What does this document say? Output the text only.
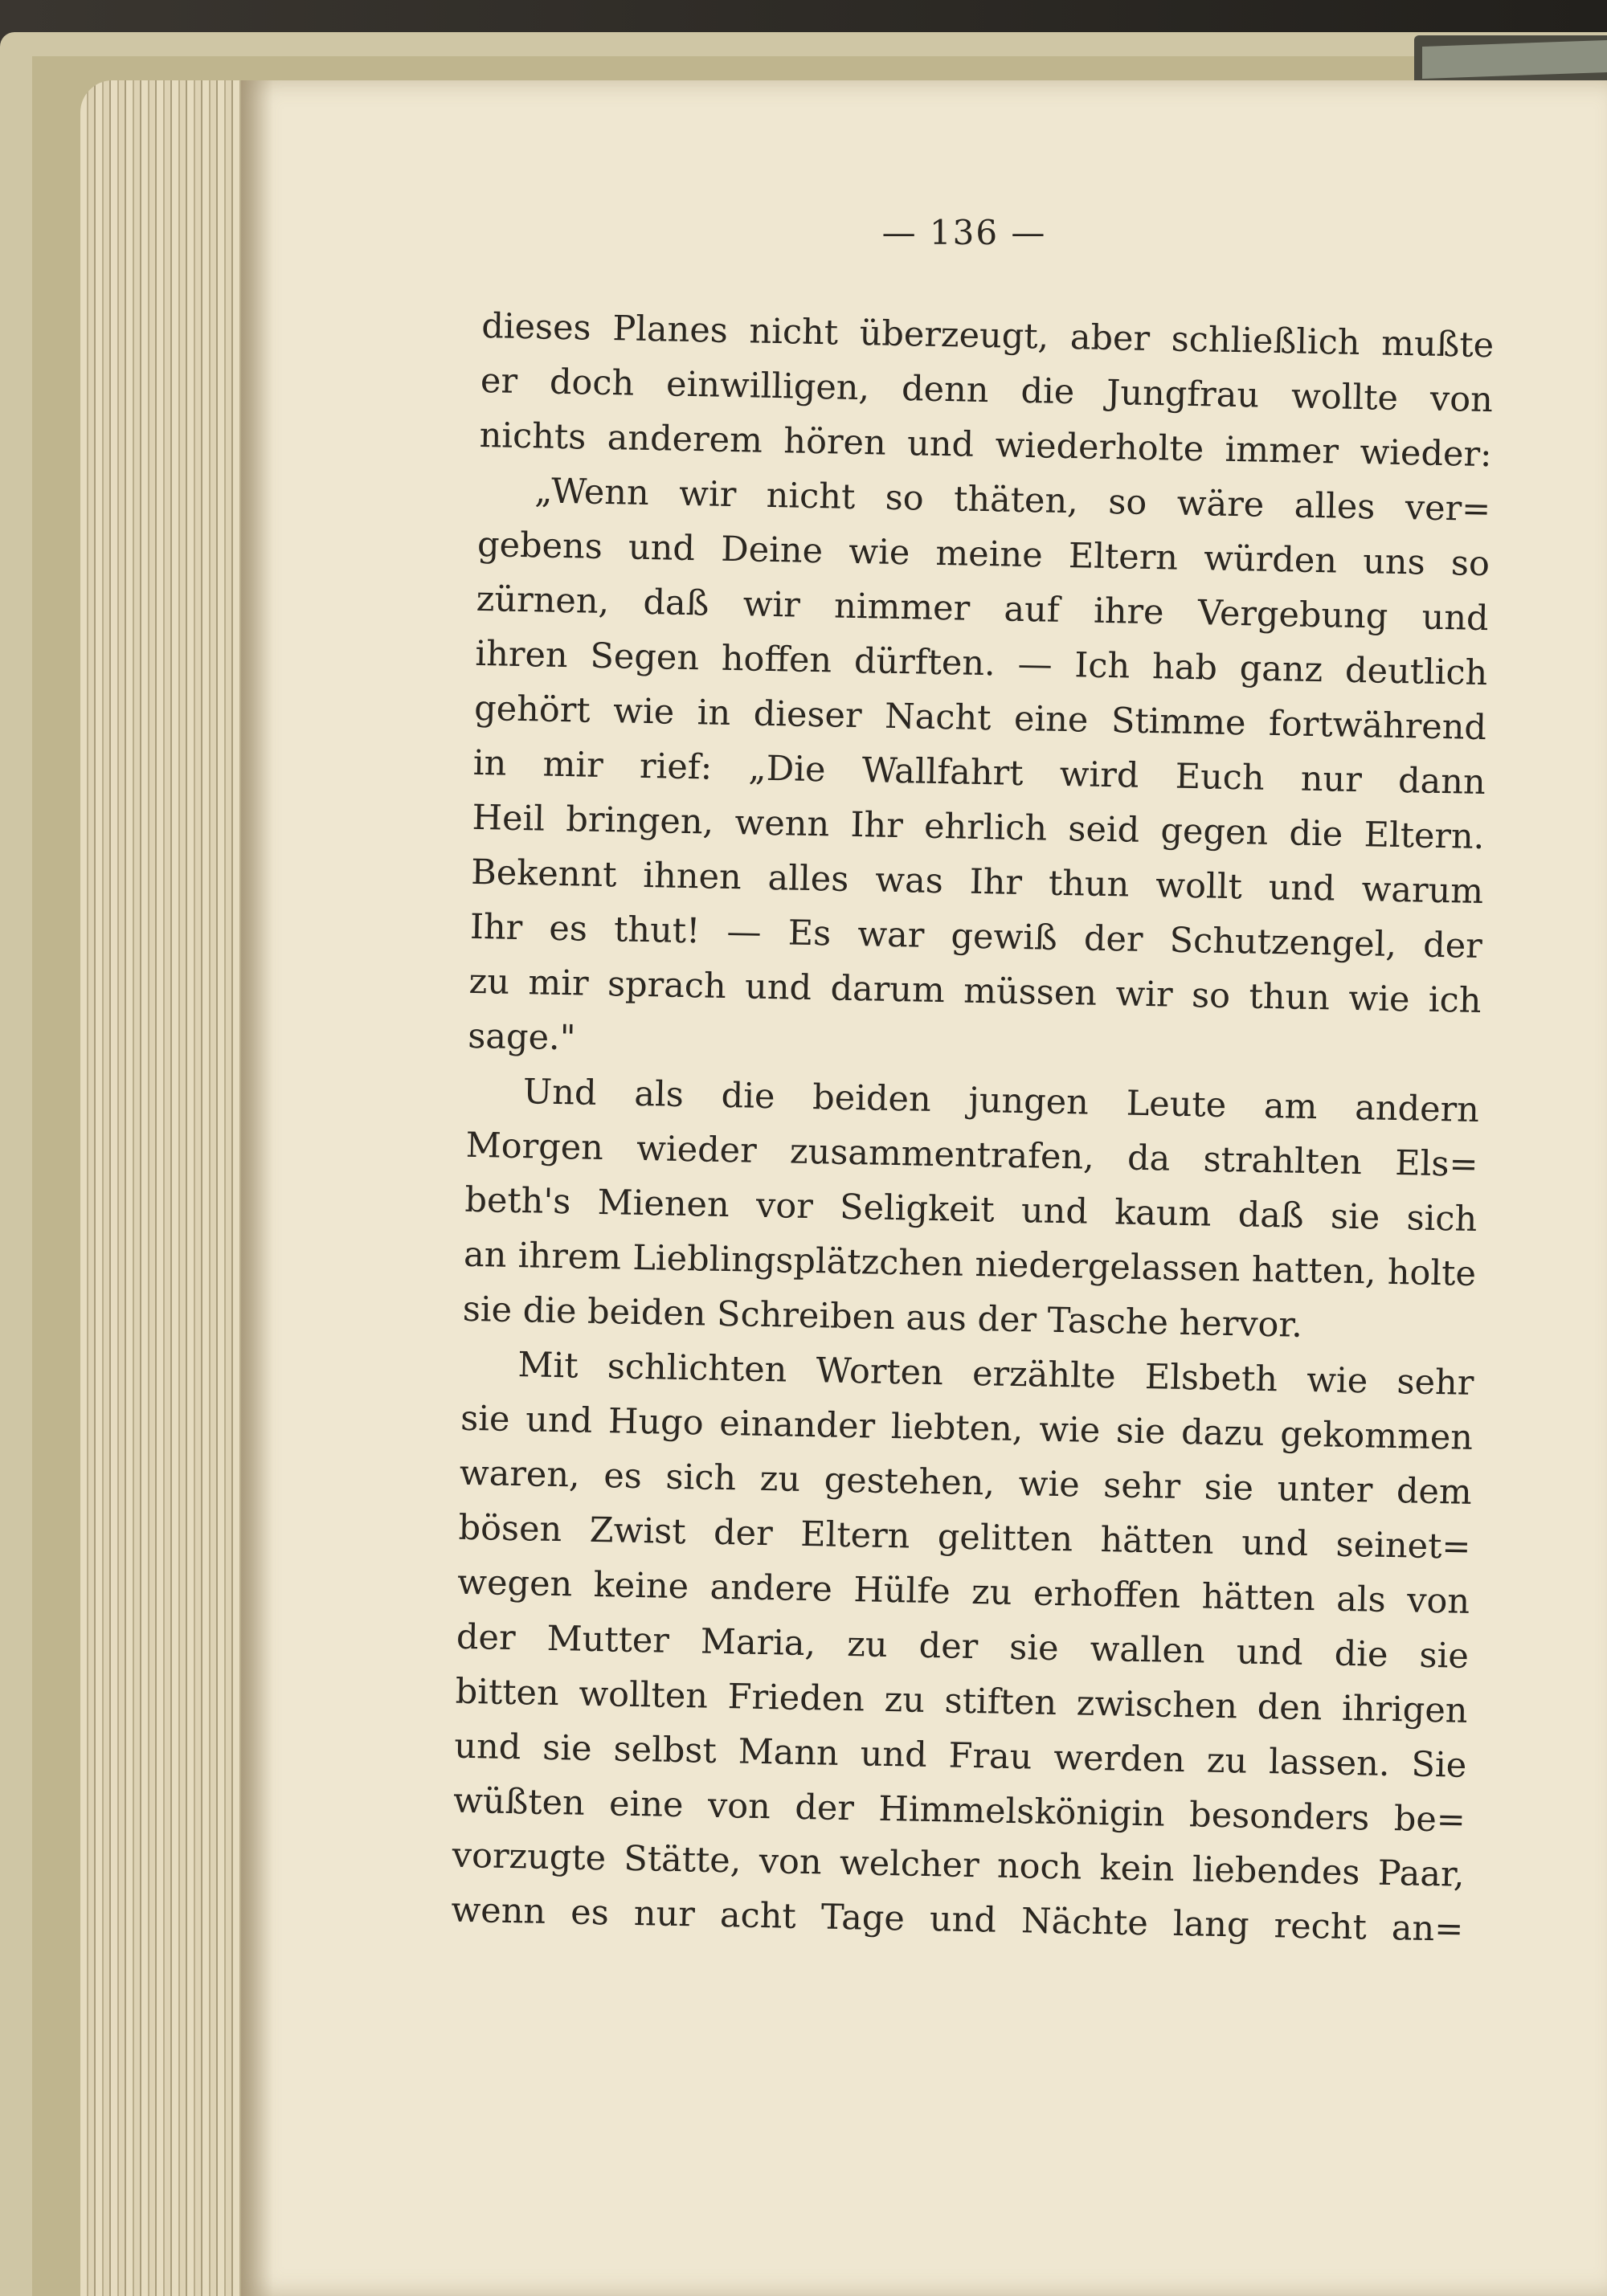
— 136 —
dieses Planes nicht überzeugt, aber schließlich mußte
er doch einwilligen, denn die Jungfrau wollte von
nichts anderem hören und wiederholte immer wieder:
„Wenn wir nicht so thäten, so wäre alles ver=
gebens und Deine wie meine Eltern würden uns so
zürnen, daß wir nimmer auf ihre Vergebung und
ihren Segen hoffen dürften. — Ich hab ganz deutlich
gehört wie in dieser Nacht eine Stimme fortwährend
in mir rief: „Die Wallfahrt wird Euch nur dann
Heil bringen, wenn Ihr ehrlich seid gegen die Eltern.
Bekennt ihnen alles was Ihr thun wollt und warum
Ihr es thut! — Es war gewiß der Schutzengel, der
zu mir sprach und darum müssen wir so thun wie ich
sage."
Und als die beiden jungen Leute am andern
Morgen wieder zusammentrafen, da strahlten Els=
beth's Mienen vor Seligkeit und kaum daß sie sich
an ihrem Lieblingsplätzchen niedergelassen hatten, holte
sie die beiden Schreiben aus der Tasche hervor.
Mit schlichten Worten erzählte Elsbeth wie sehr
sie und Hugo einander liebten, wie sie dazu gekommen
waren, es sich zu gestehen, wie sehr sie unter dem
bösen Zwist der Eltern gelitten hätten und seinet=
wegen keine andere Hülfe zu erhoffen hätten als von
der Mutter Maria, zu der sie wallen und die sie
bitten wollten Frieden zu stiften zwischen den ihrigen
und sie selbst Mann und Frau werden zu lassen. Sie
wüßten eine von der Himmelskönigin besonders be=
vorzugte Stätte, von welcher noch kein liebendes Paar,
wenn es nur acht Tage und Nächte lang recht an=
